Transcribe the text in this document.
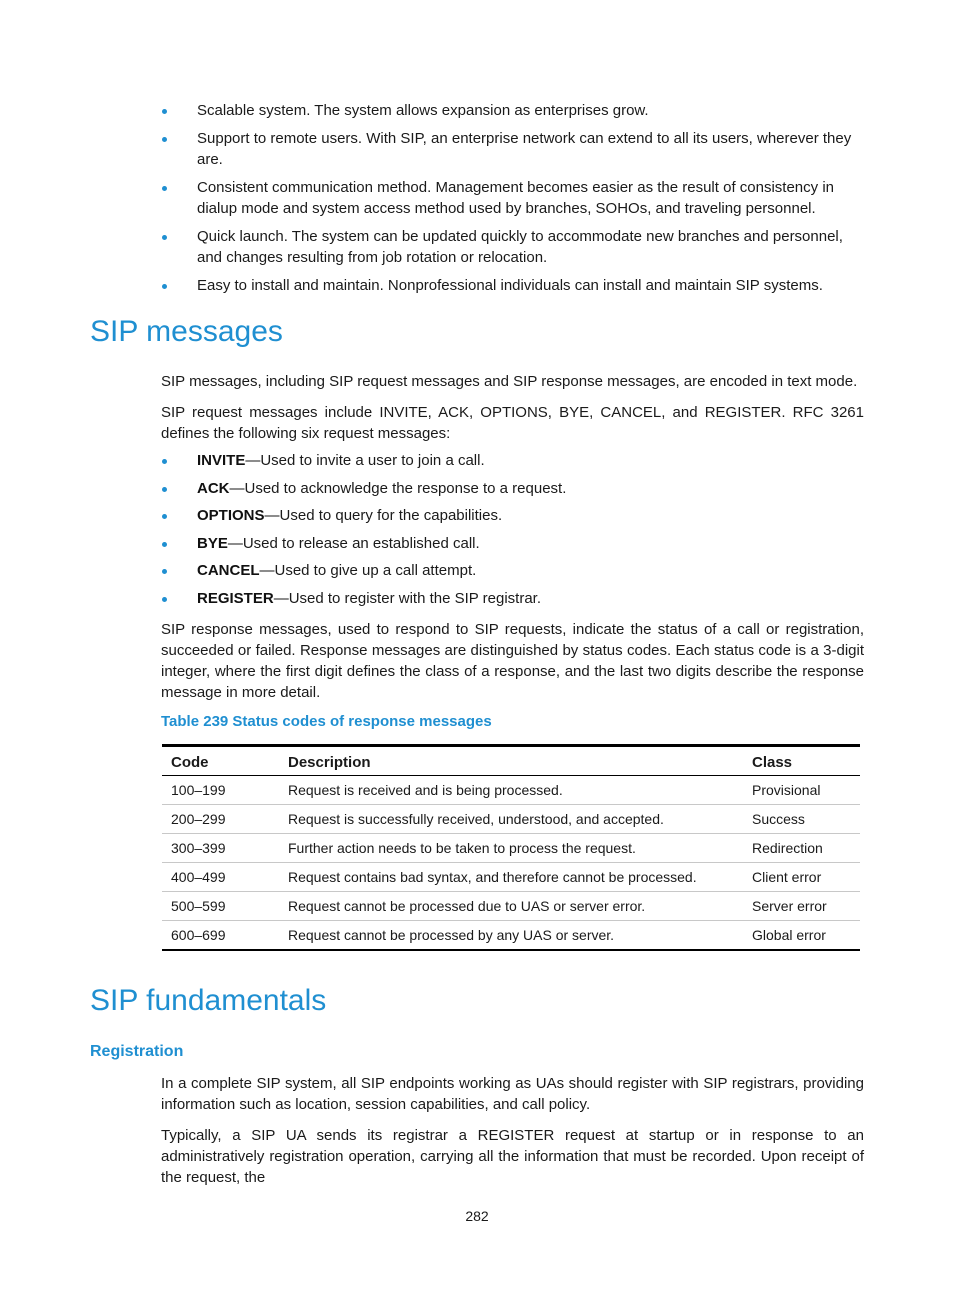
Scalable system. The system allows expansion as enterprises grow.
Support to remote users. With SIP, an enterprise network can extend to all its users, wherever they are.
Consistent communication method. Management becomes easier as the result of consistency in dialup mode and system access method used by branches, SOHOs, and traveling personnel.
Quick launch. The system can be updated quickly to accommodate new branches and personnel, and changes resulting from job rotation or relocation.
Easy to install and maintain. Nonprofessional individuals can install and maintain SIP systems.
SIP messages

SIP messages, including SIP request messages and SIP response messages, are encoded in text mode.

SIP request messages include INVITE, ACK, OPTIONS, BYE, CANCEL, and REGISTER. RFC 3261 defines the following six request messages:

INVITE—Used to invite a user to join a call.
ACK—Used to acknowledge the response to a request.
OPTIONS—Used to query for the capabilities.
BYE—Used to release an established call.
CANCEL—Used to give up a call attempt.
REGISTER—Used to register with the SIP registrar.

SIP response messages, used to respond to SIP requests, indicate the status of a call or registration, succeeded or failed. Response messages are distinguished by status codes. Each status code is a 3-digit integer, where the first digit defines the class of a response, and the last two digits describe the response message in more detail.

Table 239 Status codes of response messages

Code	Description	Class
100–199	Request is received and is being processed.	Provisional
200–299	Request is successfully received, understood, and accepted.	Success
300–399	Further action needs to be taken to process the request.	Redirection
400–499	Request contains bad syntax, and therefore cannot be processed.	Client error
500–599	Request cannot be processed due to UAS or server error.	Server error
600–699	Request cannot be processed by any UAS or server.	Global error
SIP fundamentals
Registration

In a complete SIP system, all SIP endpoints working as UAs should register with SIP registrars, providing information such as location, session capabilities, and call policy.

Typically, a SIP UA sends its registrar a REGISTER request at startup or in response to an administratively registration operation, carrying all the information that must be recorded. Upon receipt of the request, the

282
